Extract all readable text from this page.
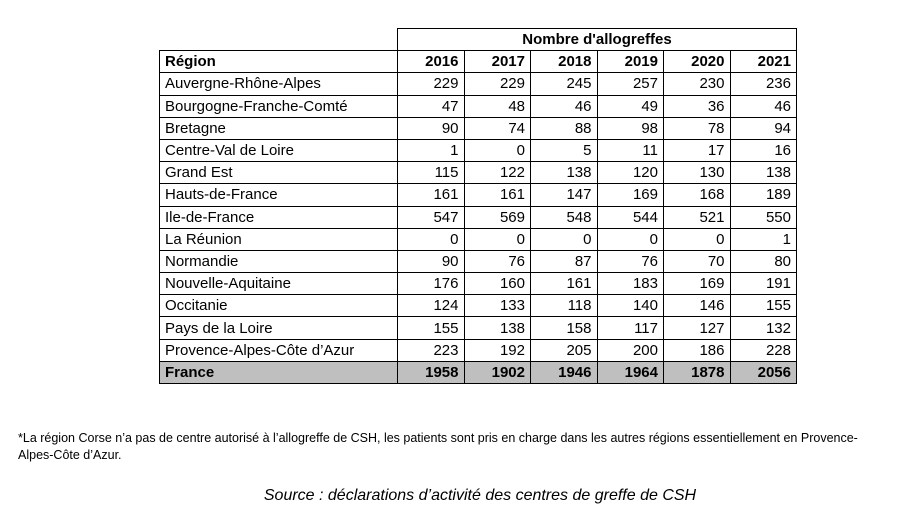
	Nombre d'allogreffes					
Région	2016	2017	2018	2019	2020	2021
Auvergne-Rhône-Alpes	229	229	245	257	230	236
Bourgogne-Franche-Comté	47	48	46	49	36	46
Bretagne	90	74	88	98	78	94
Centre-Val de Loire	1	0	5	11	17	16
Grand Est	115	122	138	120	130	138
Hauts-de-France	161	161	147	169	168	189
Ile-de-France	547	569	548	544	521	550
La Réunion	0	0	0	0	0	1
Normandie	90	76	87	76	70	80
Nouvelle-Aquitaine	176	160	161	183	169	191
Occitanie	124	133	118	140	146	155
Pays de la Loire	155	138	158	117	127	132
Provence-Alpes-Côte d’Azur	223	192	205	200	186	228
France	1958	1902	1946	1964	1878	2056
*La région Corse n’a pas de centre autorisé à l’allogreffe de CSH, les patients sont pris en charge dans les autres régions essentiellement en Provence-Alpes-Côte d’Azur.
Source : déclarations d’activité des centres de greffe de CSH
